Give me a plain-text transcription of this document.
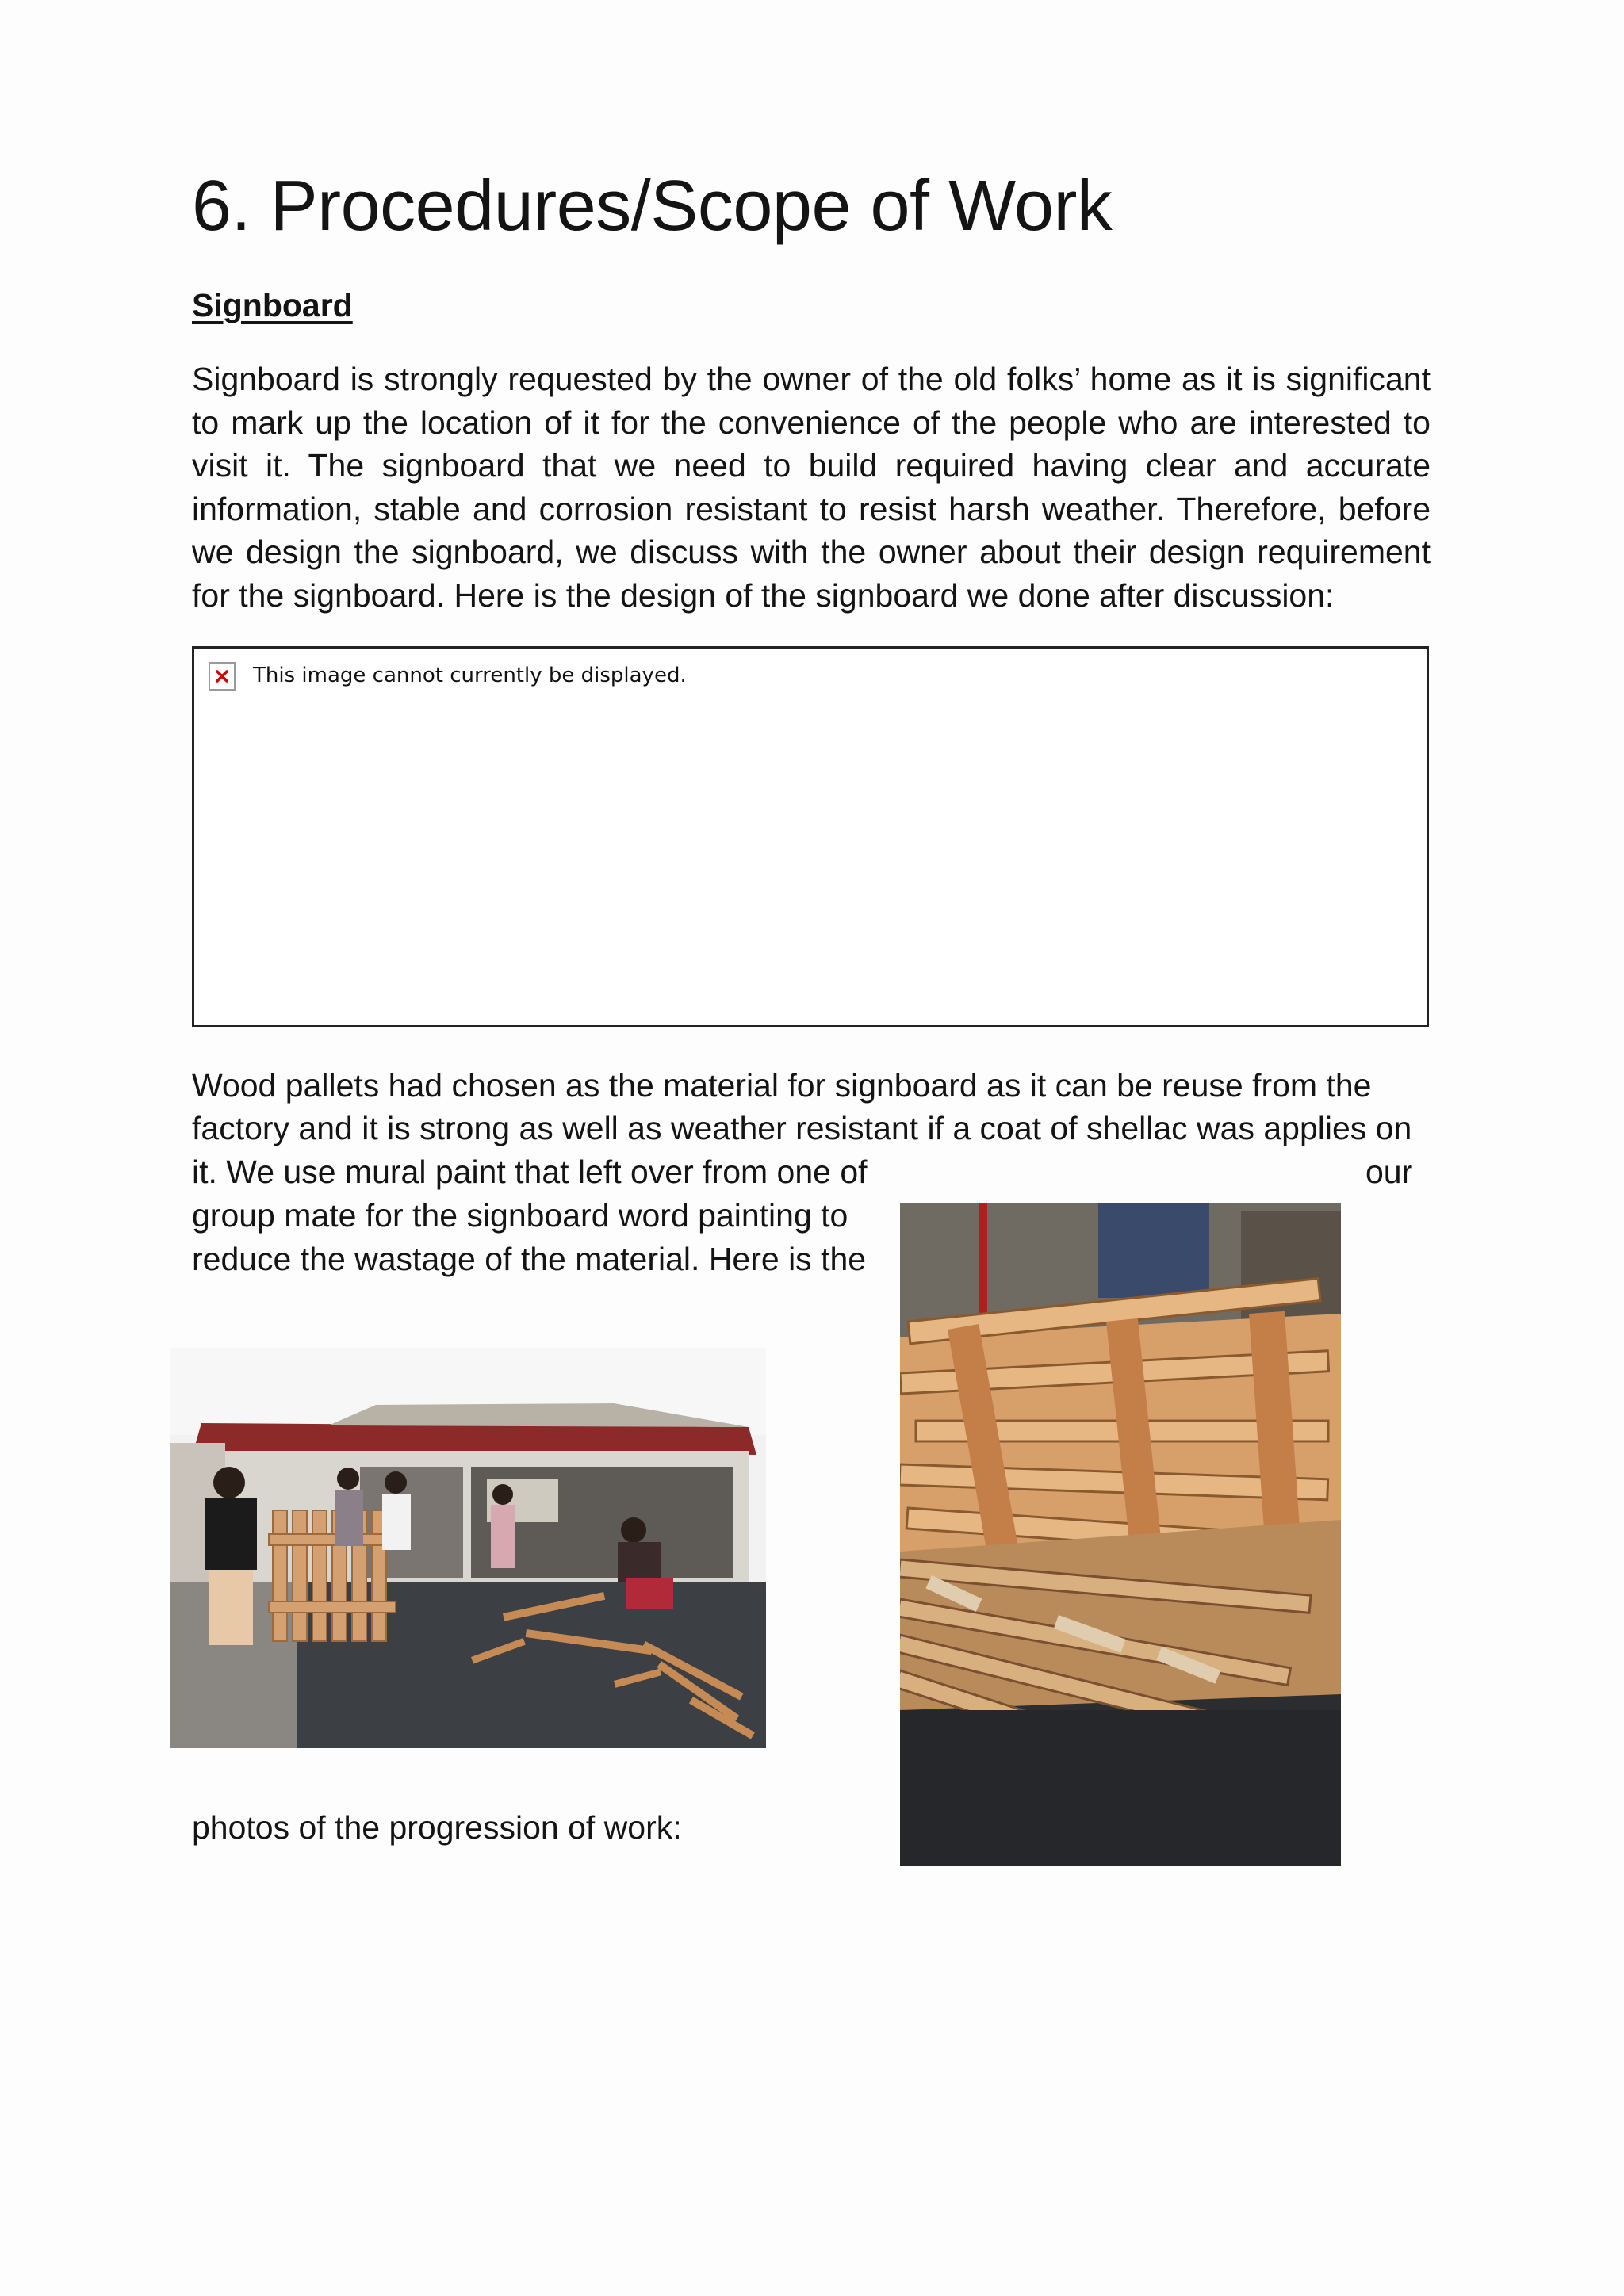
6. Procedures/Scope of Work
Signboard

Signboard is strongly requested by the owner of the old folks’ home as it is significant to mark up the location of it for the convenience of the people who are interested to visit it. The signboard that we need to build required having clear and accurate information, stable and corrosion resistant to resist harsh weather. Therefore, before we design the signboard, we discuss with the owner about their design requirement for the signboard. Here is the design of the signboard we done after discussion:

This image cannot currently be displayed.
Wood pallets had chosen as the material for signboard as it can be reuse from the
factory and it is strong as well as weather resistant if a coat of shellac was applies on
it. We use mural paint that left over from one of	our
group mate for the signboard word painting to
reduce the wastage of the material. Here is the
photos of the progression of work:
